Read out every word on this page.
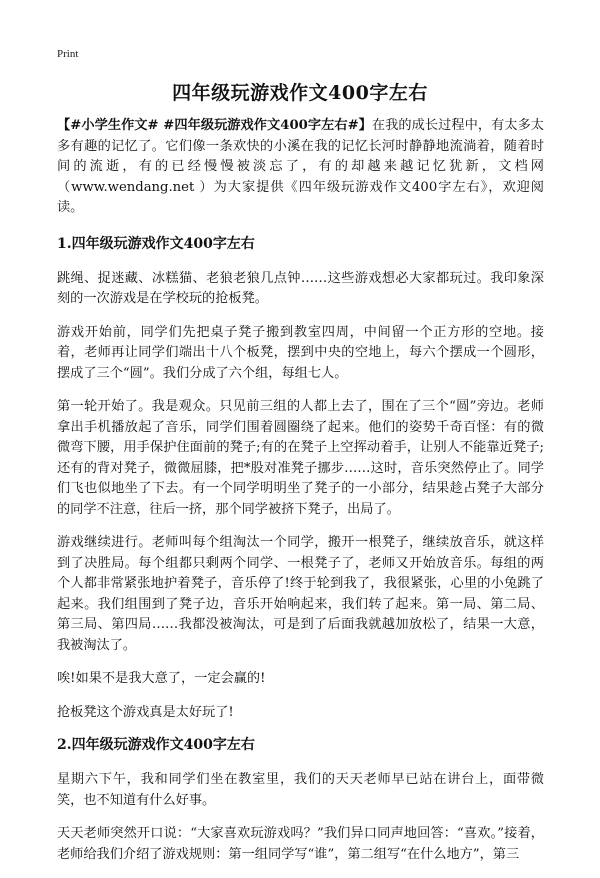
Print
四年级玩游戏作文400字左右

【#小学生作文# #四年级玩游戏作文400字左右#】在我的成长过程中，有太多太多有趣的记忆了。它们像一条欢快的小溪在我的记忆长河时静静地流淌着，随着时间的流逝，有的已经慢慢被淡忘了，有的却越来越记忆犹新，文档网（www.wendang.net ）为大家提供《四年级玩游戏作文400字左右》，欢迎阅读。

1.四年级玩游戏作文400字左右

跳绳、捉迷藏、冰糕猫、老狼老狼几点钟……这些游戏想必大家都玩过。我印象深刻的一次游戏是在学校玩的抢板凳。

游戏开始前，同学们先把桌子凳子搬到教室四周，中间留一个正方形的空地。接着，老师再让同学们端出十八个板凳，摆到中央的空地上，每六个摆成一个圆形，摆成了三个“圆”。我们分成了六个组，每组七人。

第一轮开始了。我是观众。只见前三组的人都上去了，围在了三个“圆”旁边。老师拿出手机播放起了音乐，同学们围着圆圈绕了起来。他们的姿势千奇百怪：有的微微弯下腰，用手保护住面前的凳子;有的在凳子上空挥动着手，让别人不能靠近凳子;还有的背对凳子，微微屈膝，把*股对准凳子挪步……这时，音乐突然停止了。同学们飞也似地坐了下去。有一个同学明明坐了凳子的一小部分，结果趁占凳子大部分的同学不注意，往后一挤，那个同学被挤下凳子，出局了。

游戏继续进行。老师叫每个组淘汰一个同学，搬开一根凳子，继续放音乐，就这样到了决胜局。每个组都只剩两个同学、一根凳子了，老师又开始放音乐。每组的两个人都非常紧张地护着凳子，音乐停了!终于轮到我了，我很紧张，心里的小兔跳了起来。我们组围到了凳子边，音乐开始响起来，我们转了起来。第一局、第二局、第三局、第四局……我都没被淘汰，可是到了后面我就越加放松了，结果一大意，我被淘汰了。

唉!如果不是我大意了，一定会赢的!

抢板凳这个游戏真是太好玩了!

2.四年级玩游戏作文400字左右

星期六下午，我和同学们坐在教室里，我们的天天老师早已站在讲台上，面带微笑，也不知道有什么好事。

天天老师突然开口说：“大家喜欢玩游戏吗？”我们异口同声地回答：“喜欢。”接着，老师给我们介绍了游戏规则：第一组同学写“谁”，第二组写“在什么地方”，第三
